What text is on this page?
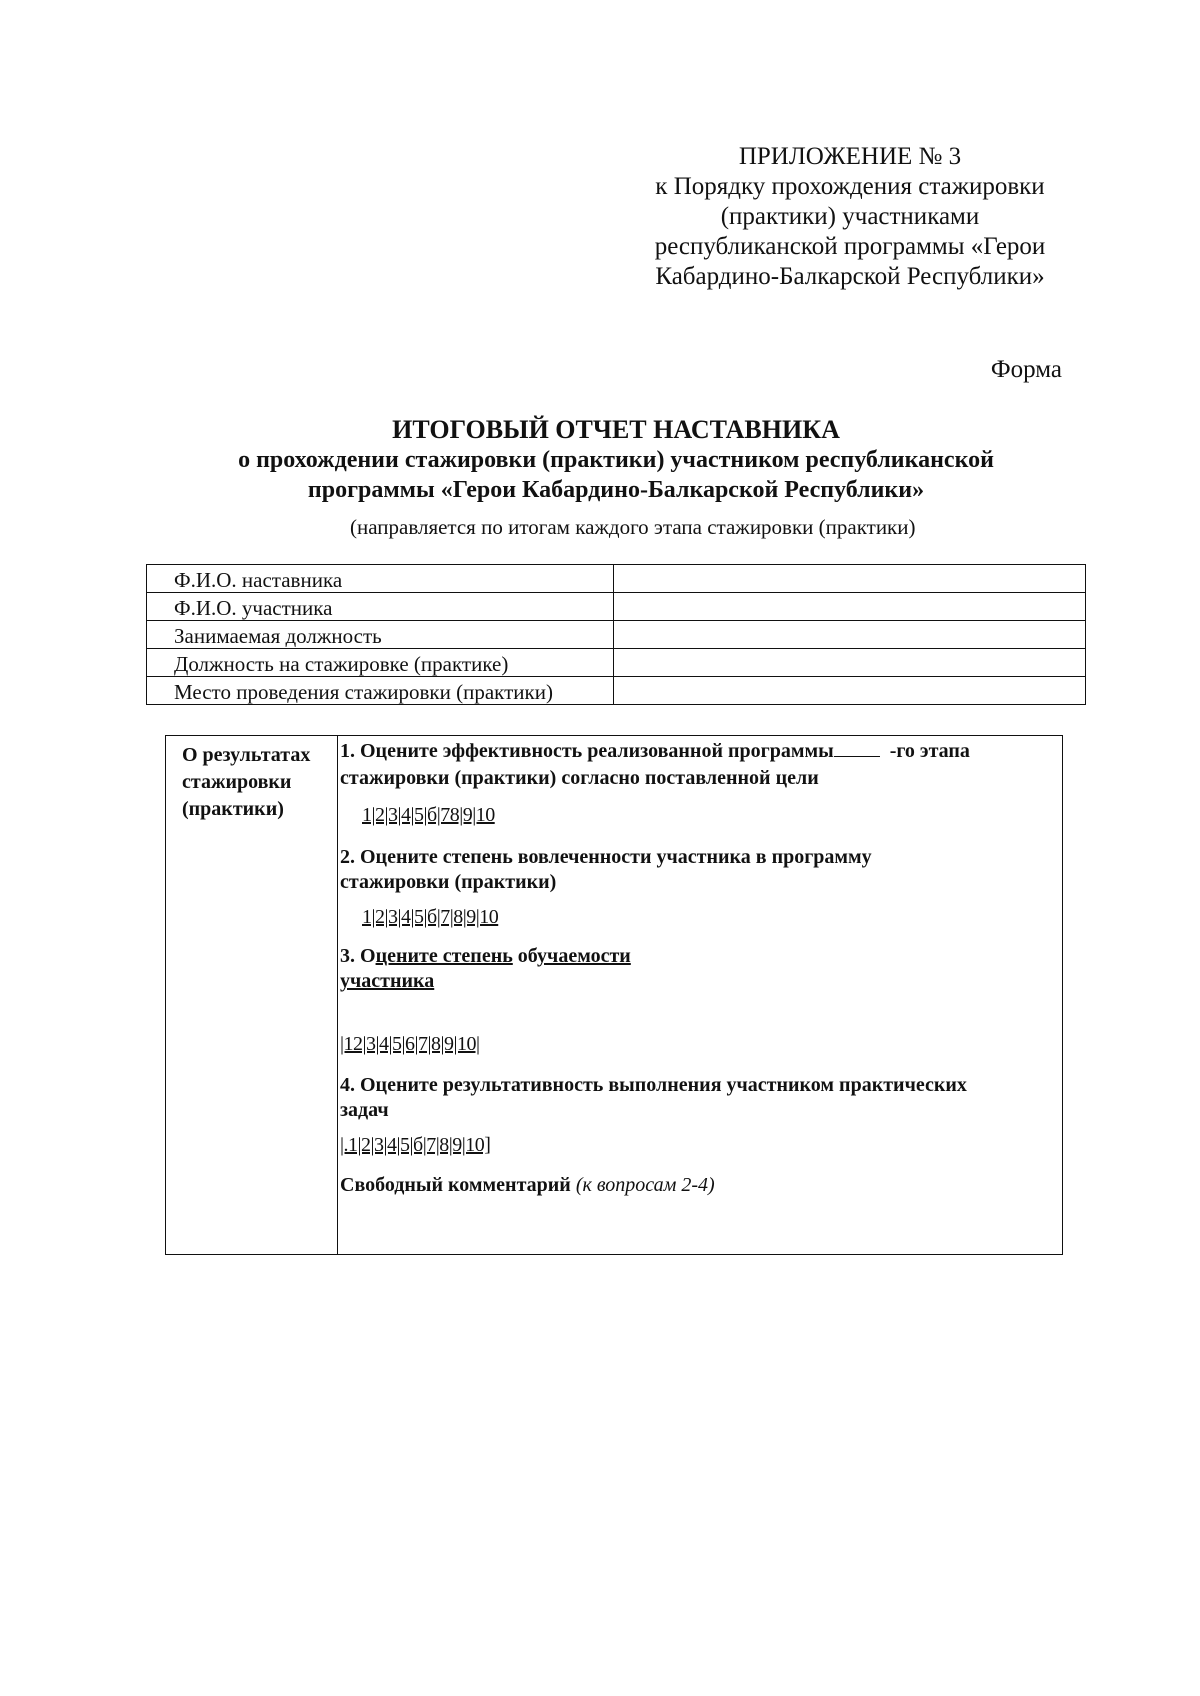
ПРИЛОЖЕНИЕ № 3
к Порядку прохождения стажировки
(практики) участниками
республиканской программы «Герои
Кабардино-Балкарской Республики»
Форма
ИТОГОВЫЙ ОТЧЕТ НАСТАВНИКА
о прохождении стажировки (практики) участником республиканской
программы «Герои Кабардино-Балкарской Республики»
(направляется по итогам каждого этапа стажировки (практики)
Ф.И.О. наставника	
Ф.И.О. участника	
Занимаемая должность	
Должность на стажировке (практике)	
Место проведения стажировки (практики)	
О результатах
стажировки
(практики)
1. Оцените эффективность реализованной программы	-го этапа
стажировки (практики) согласно поставленной цели
1|2|3|4|5|б|78|9|10
2. Оцените степень вовлеченности участника в программу
стажировки (практики)
1|2|3|4|5|б|7|8|9|10
3. Оцените степень обучаемости
участника
|12|3|4|5|6|7|8|9|10|
4. Оцените результативность выполнения участником практических
задач
|.1|2|3|4|5|б|7|8|9|10]
Свободный комментарий (к вопросам 2-4)
